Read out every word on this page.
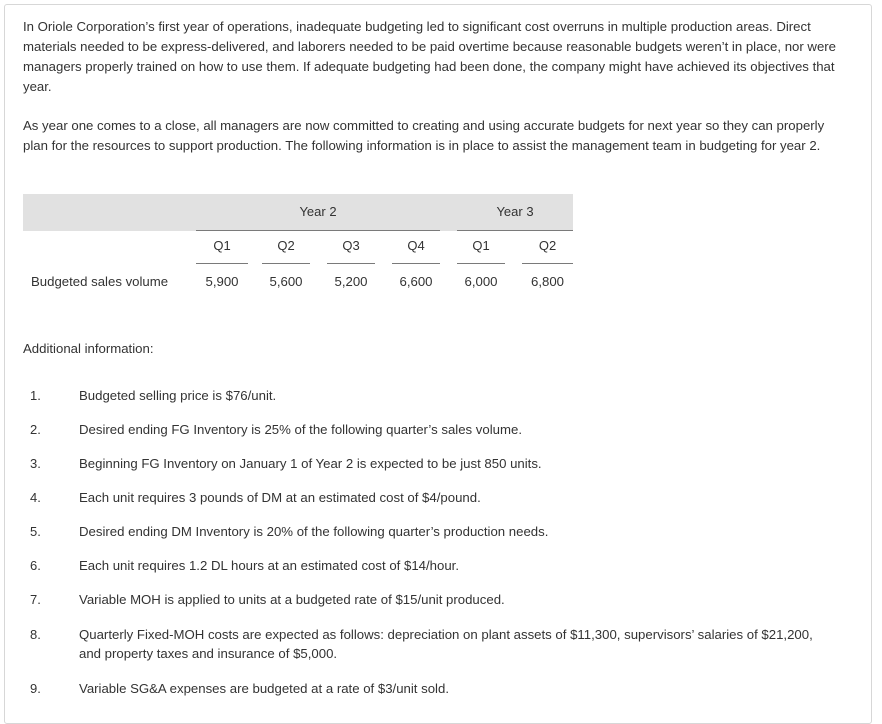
In Oriole Corporation’s first year of operations, inadequate budgeting led to significant cost overruns in multiple production areas. Direct materials needed to be express-delivered, and laborers needed to be paid overtime because reasonable budgets weren’t in place, nor were managers properly trained on how to use them. If adequate budgeting had been done, the company might have achieved its objectives that year.

As year one comes to a close, all managers are now committed to creating and using accurate budgets for next year so they can properly plan for the resources to support production. The following information is in place to assist the management team in budgeting for year 2.

Year 2	Year 3
Q1	Q2	Q3	Q4	Q1	Q2
Budgeted sales volume	5,900	5,600	5,200	6,600	6,000	6,800
Additional information:
1.	Budgeted selling price is $76/unit.
2.	Desired ending FG Inventory is 25% of the following quarter’s sales volume.
3.	Beginning FG Inventory on January 1 of Year 2 is expected to be just 850 units.
4.	Each unit requires 3 pounds of DM at an estimated cost of $4/pound.
5.	Desired ending DM Inventory is 20% of the following quarter’s production needs.
6.	Each unit requires 1.2 DL hours at an estimated cost of $14/hour.
7.	Variable MOH is applied to units at a budgeted rate of $15/unit produced.
8.	Quarterly Fixed-MOH costs are expected as follows: depreciation on plant assets of $11,300, supervisors’ salaries of $21,200, and property taxes and insurance of $5,000.
9.	Variable SG&A expenses are budgeted at a rate of $3/unit sold.
